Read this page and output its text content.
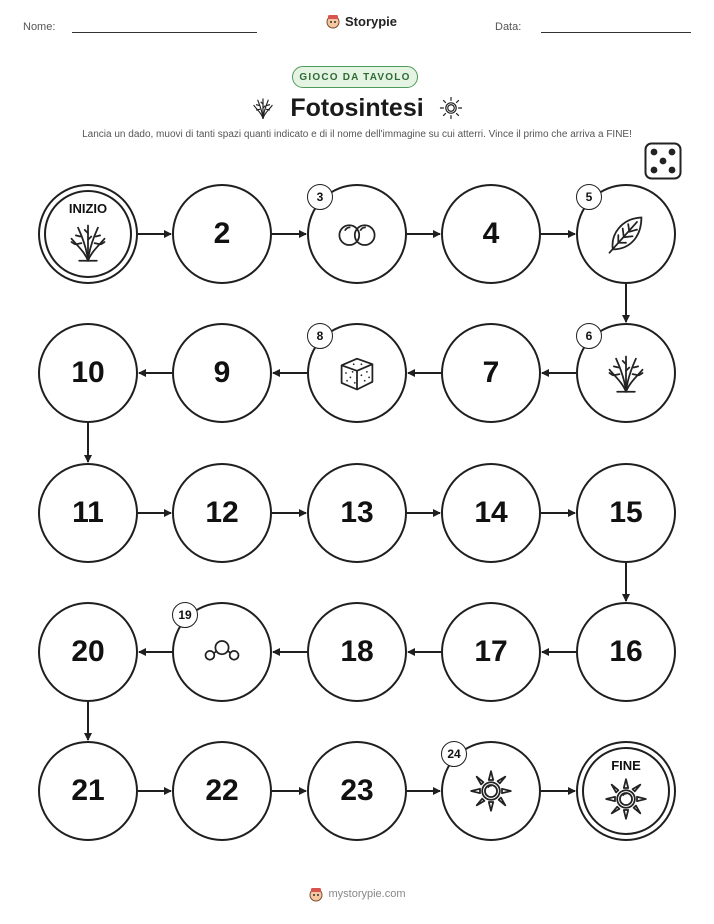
Nome:	Storypie	Data:
GIOCO DA TAVOLO
Fotosintesi
Lancia un dado, muovi di tanti spazi quanti indicato e di il nome dell'immagine su cui atterri. Vince il primo che arriva a FINE!
INIZIO
2
3
4
5
6
7
8
9
10
11	12	13	14	15
16
17
18
19
20
21	22	23
24
FINE
mystorypie.com
